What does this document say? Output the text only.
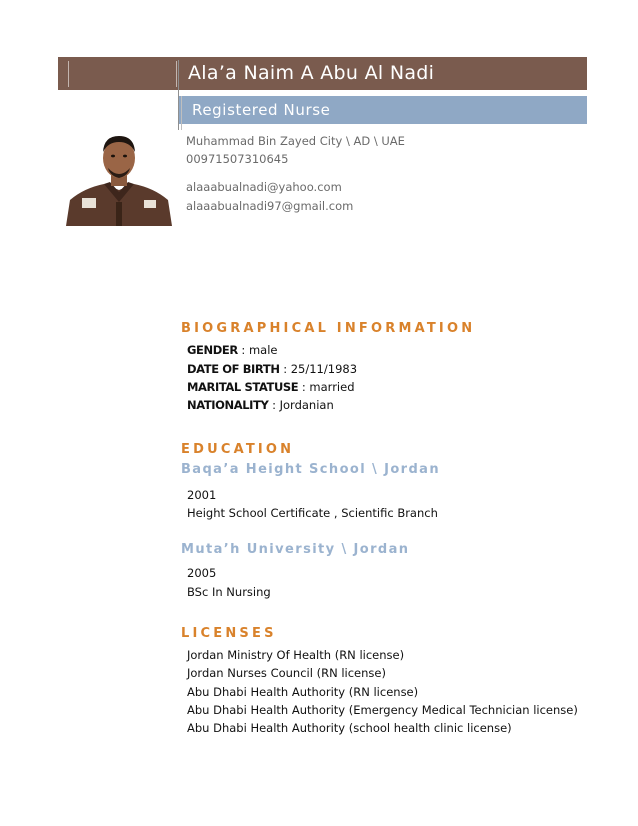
Ala’a Naim A Abu Al Nadi
Registered Nurse
Muhammad Bin Zayed City \ AD \ UAE
00971507310645
alaaabualnadi@yahoo.com
alaaabualnadi97@gmail.com
BIOGRAPHICAL INFORMATION
GENDER : male
DATE OF BIRTH : 25/11/1983
MARITAL STATUSE : married
NATIONALITY : Jordanian
EDUCATION
Baqa’a Height School \ Jordan
2001
Height School Certificate , Scientific Branch
Muta’h University \ Jordan
2005
BSc In Nursing
LICENSES
Jordan Ministry Of Health (RN license)
Jordan Nurses Council (RN license)
Abu Dhabi Health Authority (RN license)
Abu Dhabi Health Authority (Emergency Medical Technician license)
Abu Dhabi Health Authority (school health clinic license)
